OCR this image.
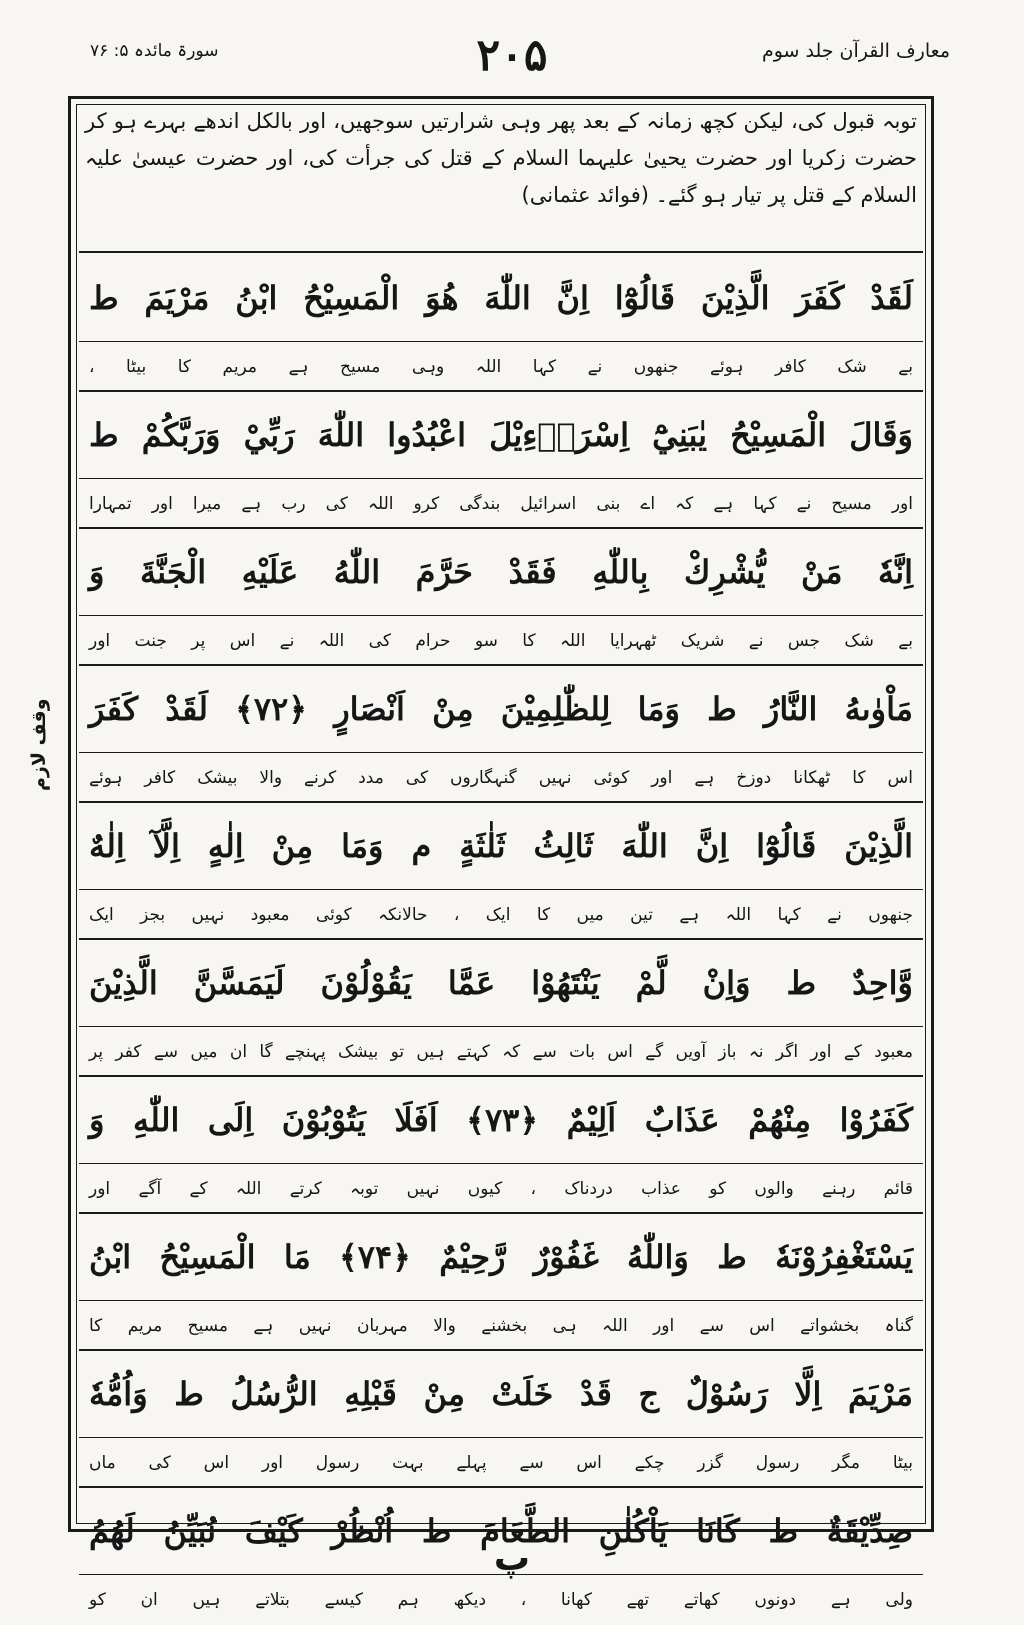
سورۃ مائدہ ۵: ۷۶	۲۰۵	معارف القرآن جلد سوم
توبہ قبول کی، لیکن کچھ زمانہ کے بعد پھر وہی شرارتیں سوجھیں، اور بالکل اندھے بہرے ہو کر حضرت زکریا اور حضرت یحییٰ علیہما السلام کے قتل کی جرأت کی، اور حضرت عیسیٰ علیہ السلام کے قتل پر تیار ہو گئے۔ (فوائد عثمانی)
لَقَدْ كَفَرَ الَّذِيْنَ قَالُوْٓا اِنَّ اللّٰهَ هُوَ الْمَسِيْحُ ابْنُ مَرْيَمَ ط
بے شک کافر ہوئے جنھوں نے کہا اللہ وہی مسیح ہے مریم کا بیٹا ،
وَقَالَ الْمَسِيْحُ يٰبَنِيْٓ اِسْرَاۗءِيْلَ اعْبُدُوا اللّٰهَ رَبِّيْ وَرَبَّكُمْ ط
اور مسیح نے کہا ہے کہ اے بنی اسرائیل بندگی کرو اللہ کی رب ہے میرا اور تمہارا
اِنَّهٗ مَنْ يُّشْرِكْ بِاللّٰهِ فَقَدْ حَرَّمَ اللّٰهُ عَلَيْهِ الْجَنَّةَ وَ
بے شک جس نے شریک ٹھہرایا اللہ کا سو حرام کی اللہ نے اس پر جنت اور
مَاْوٰىهُ النَّارُ ط وَمَا لِلظّٰلِمِيْنَ مِنْ اَنْصَارٍ ﴿۷۲﴾ لَقَدْ كَفَرَ
اس کا ٹھکانا دوزخ ہے اور کوئی نہیں گنہگاروں کی مدد کرنے والا بیشک کافر ہوئے
الَّذِيْنَ قَالُوْٓا اِنَّ اللّٰهَ ثَالِثُ ثَلٰثَةٍ م وَمَا مِنْ اِلٰهٍ اِلَّآ اِلٰهٌ
جنھوں نے کہا اللہ ہے تین میں کا ایک ، حالانکہ کوئی معبود نہیں بجز ایک
وَّاحِدٌ ط وَاِنْ لَّمْ يَنْتَهُوْا عَمَّا يَقُوْلُوْنَ لَيَمَسَّنَّ الَّذِيْنَ
معبود کے اور اگر نہ باز آویں گے اس بات سے کہ کہتے ہیں تو بیشک پہنچے گا ان میں سے کفر پر
كَفَرُوْا مِنْهُمْ عَذَابٌ اَلِيْمٌ ﴿۷۳﴾ اَفَلَا يَتُوْبُوْنَ اِلَى اللّٰهِ وَ
قائم رہنے والوں کو عذاب دردناک ، کیوں نہیں توبہ کرتے اللہ کے آگے اور
يَسْتَغْفِرُوْنَهٗ ط وَاللّٰهُ غَفُوْرٌ رَّحِيْمٌ ﴿۷۴﴾ مَا الْمَسِيْحُ ابْنُ
گناہ بخشواتے اس سے اور اللہ ہی بخشنے والا مہربان نہیں ہے مسیح مریم کا
مَرْيَمَ اِلَّا رَسُوْلٌ ج قَدْ خَلَتْ مِنْ قَبْلِهِ الرُّسُلُ ط وَاُمُّهٗ
بیٹا مگر رسول گزر چکے اس سے پہلے بہت رسول اور اس کی ماں
صِدِّيْقَةٌ ط كَانَا يَاْكُلٰنِ الطَّعَامَ ط اُنْظُرْ كَيْفَ نُبَيِّنُ لَهُمُ
ولی ہے دونوں کھاتے تھے کھانا ، دیکھ ہم کیسے بتلاتے ہیں ان کو
وقف لازم
پ
